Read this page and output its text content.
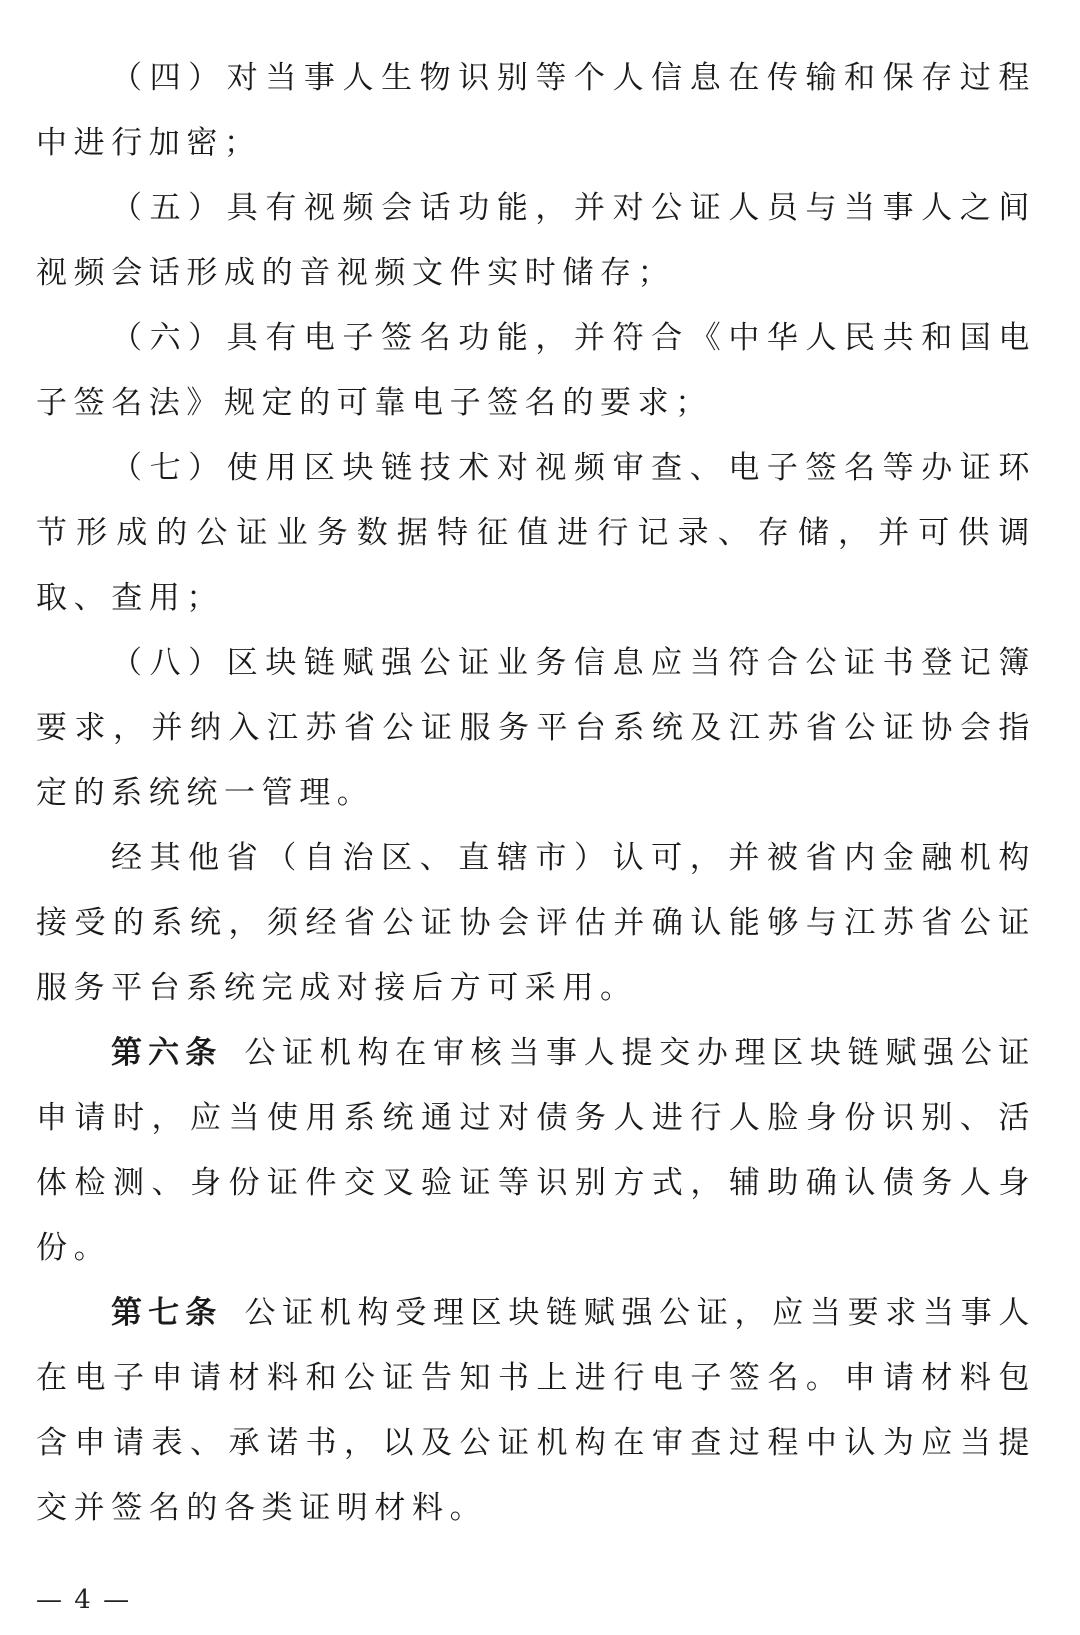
（四）对当事人生物识别等个人信息在传输和保存过程中进行加密；

（五）具有视频会话功能，并对公证人员与当事人之间视频会话形成的音视频文件实时储存；

（六）具有电子签名功能，并符合《中华人民共和国电子签名法》规定的可靠电子签名的要求；

（七）使用区块链技术对视频审查、电子签名等办证环节形成的公证业务数据特征值进行记录、存储，并可供调取、查用；

（八）区块链赋强公证业务信息应当符合公证书登记簿要求，并纳入江苏省公证服务平台系统及江苏省公证协会指定的系统统一管理。

经其他省（自治区、直辖市）认可，并被省内金融机构接受的系统，须经省公证协会评估并确认能够与江苏省公证服务平台系统完成对接后方可采用。

第六条  公证机构在审核当事人提交办理区块链赋强公证申请时，应当使用系统通过对债务人进行人脸身份识别、活体检测、身份证件交叉验证等识别方式，辅助确认债务人身份。

第七条  公证机构受理区块链赋强公证，应当要求当事人在电子申请材料和公证告知书上进行电子签名。申请材料包含申请表、承诺书，以及公证机构在审查过程中认为应当提交并签名的各类证明材料。

— 4 —
